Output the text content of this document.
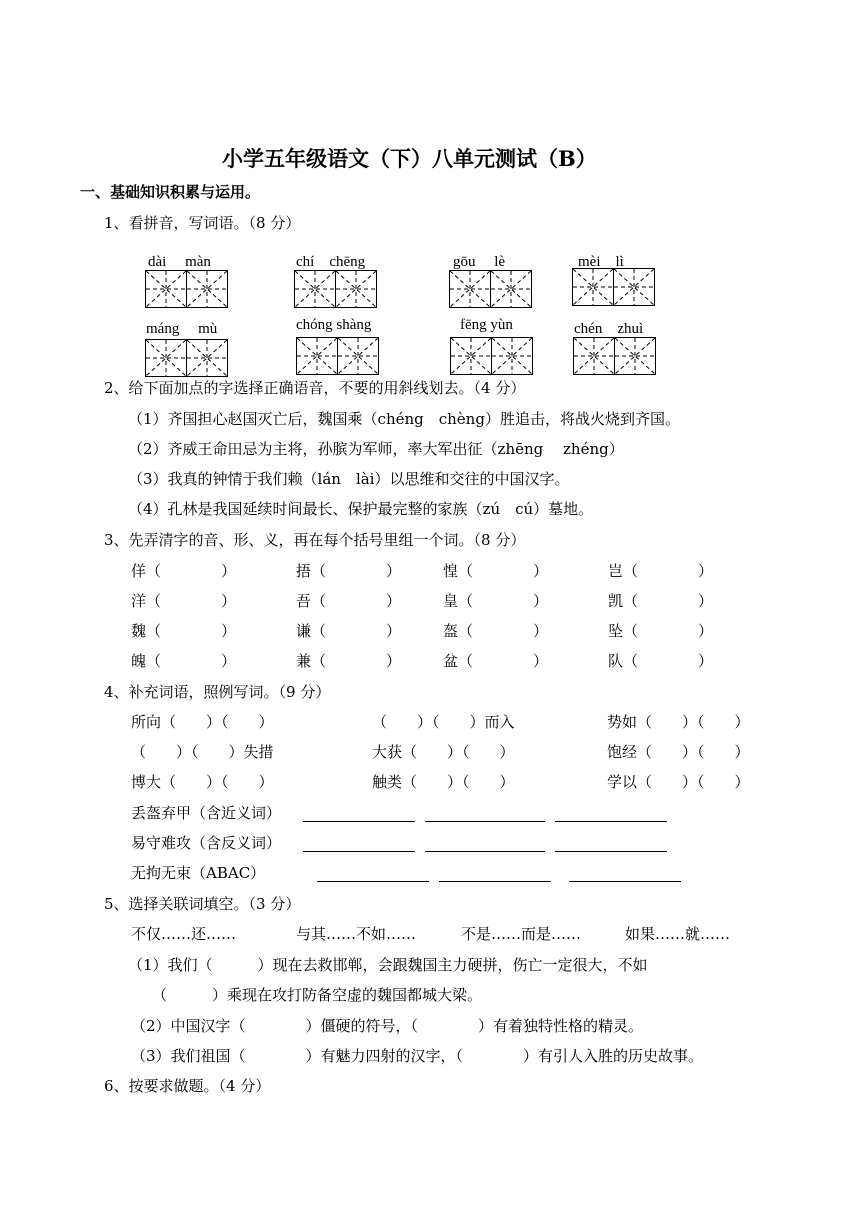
小学五年级语文（下）八单元测试（B）
一、基础知识积累与运用。
1、看拼音，写词语。（8 分）
dài　 màn	chí　chēng	gōu　 lè	mèi　lì
máng　 mù	chóng shàng	fēng yùn	chén　zhuì
2、给下面加点的字选择正确语音，不要的用斜线划去。（4 分）
（1）齐国担心赵国灭亡后，魏国乘（chéng　chèng）胜追击，将战火烧到齐国。
（2）齐威王命田忌为主将，孙膑为军师，率大军出征（zhēng　 zhéng）
（3）我真的钟情于我们赖（lán　lài）以思维和交往的中国汉字。
（4）孔林是我国延续时间最长、保护最完整的家族（zú　cú）墓地。
3、先弄清字的音、形、义，再在每个括号里组一个词。（8 分）
佯（　　　　）	捂（　　　　）	惶（　　　　）	岂（　　　　）
洋（　　　　）	吾（　　　　）	皇（　　　　）	凯（　　　　）
魏（　　　　）	谦（　　　　）	盔（　　　　）	坠（　　　　）
魄（　　　　）	兼（　　　　）	盆（　　　　）	队（　　　　）
4、补充词语，照例写词。（9 分）
所向（　　）（　　）	（　　）（　　）而入	势如（　　）（　　）
（　　）（　　）失措	大获（　　）（　　）	饱经（　　）（　　）
博大（　　）（　　）	触类（　　）（　　）	学以（　　）（　　）
丢盔弃甲（含近义词）
易守难攻（含反义词）
无拘无束（ABAC）
5、选择关联词填空。（3 分）
不仅……还……	与其……不如……	不是……而是……	如果……就……
（1）我们（　　　）现在去救邯郸，会跟魏国主力硬拼，伤亡一定很大，不如
（　　　）乘现在攻打防备空虚的魏国都城大梁。
（2）中国汉字（　　　　）僵硬的符号，（　　　　）有着独特性格的精灵。
（3）我们祖国（　　　　）有魅力四射的汉字，（　　　　）有引人入胜的历史故事。
6、按要求做题。（4 分）
